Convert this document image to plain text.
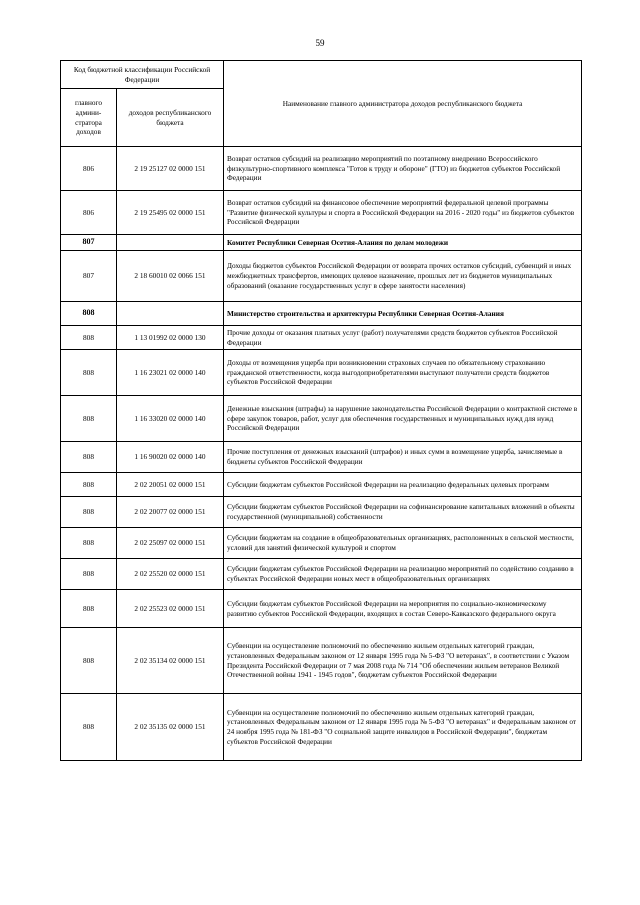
59
Код бюджетной классификации Российской Федерации		Наименование главного администратора доходов республиканского бюджета
главного админи-стратора доходов	доходов республиканского бюджета	
806	2 19 25127 02 0000 151	Возврат остатков субсидий на реализацию мероприятий по поэтапному внедрению Всероссийского физкультурно-спортивного комплекса "Готов к труду и обороне" (ГТО) из бюджетов субъектов Российской Федерации
806	2 19 25495 02 0000 151	Возврат остатков субсидий на финансовое обеспечение мероприятий федеральной целевой программы "Развитие физической культуры и спорта в Российской Федерации на 2016 - 2020 годы" из бюджетов субъектов Российской Федерации
807		Комитет Республики Северная Осетия-Алания по делам молодежи
807	2 18 60010 02 0066 151	Доходы бюджетов субъектов Российской Федерации от возврата прочих остатков субсидий, субвенций и иных межбюджетных трансфертов, имеющих целевое назначение, прошлых лет из бюджетов муниципальных образований (оказание государственных услуг в сфере занятости населения)
808		Министерство строительства и архитектуры Республики Северная Осетия-Алания
808	1 13 01992 02 0000 130	Прочие доходы от оказания платных услуг (работ) получателями средств бюджетов субъектов Российской Федерации
808	1 16 23021 02 0000 140	Доходы от возмещения ущерба при возникновении страховых случаев по обязательному страхованию гражданской ответственности, когда выгодоприобретателями выступают получатели средств бюджетов субъектов Российской Федерации
808	1 16 33020 02 0000 140	Денежные взыскания (штрафы) за нарушение законодательства Российской Федерации о контрактной системе в сфере закупок товаров, работ, услуг для обеспечения государственных и муниципальных нужд для нужд Российской Федерации
808	1 16 90020 02 0000 140	Прочие поступления от денежных взысканий (штрафов) и иных сумм в возмещение ущерба, зачисляемые в бюджеты субъектов Российской Федерации
808	2 02 20051 02 0000 151	Субсидии бюджетам субъектов Российской Федерации на реализацию федеральных целевых программ
808	2 02 20077 02 0000 151	Субсидии бюджетам субъектов Российской Федерации на софинансирование капитальных вложений в объекты государственной (муниципальной) собственности
808	2 02 25097 02 0000 151	Субсидии бюджетам на создание в общеобразовательных организациях, расположенных в сельской местности, условий для занятий физической культурой и спортом
808	2 02 25520 02 0000 151	Субсидии бюджетам субъектов Российской Федерации на реализацию мероприятий по содействию созданию в субъектах Российской Федерации новых мест в общеобразовательных организациях
808	2 02 25523 02 0000 151	Субсидии бюджетам субъектов Российской Федерации на мероприятия по социально-экономическому развитию субъектов Российской Федерации, входящих в состав Северо-Кавказского федерального округа
808	2 02 35134 02 0000 151	Субвенции на осуществление полномочий по обеспечению жильем отдельных категорий граждан, установленных Федеральным законом от 12 января 1995 года № 5-ФЗ "О ветеранах", в соответствии с Указом Президента Российской Федерации от 7 мая 2008 года № 714 "Об обеспечении жильем ветеранов Великой Отечественной войны 1941 - 1945 годов", бюджетам субъектов Российской Федерации
808	2 02 35135 02 0000 151	Субвенции на осуществление полномочий по обеспечению жильем отдельных категорий граждан, установленных Федеральным законом от 12 января 1995 года № 5-ФЗ "О ветеранах" и Федеральным законом от 24 ноября 1995 года № 181-ФЗ "О социальной защите инвалидов в Российской Федерации", бюджетам субъектов Российской Федерации
